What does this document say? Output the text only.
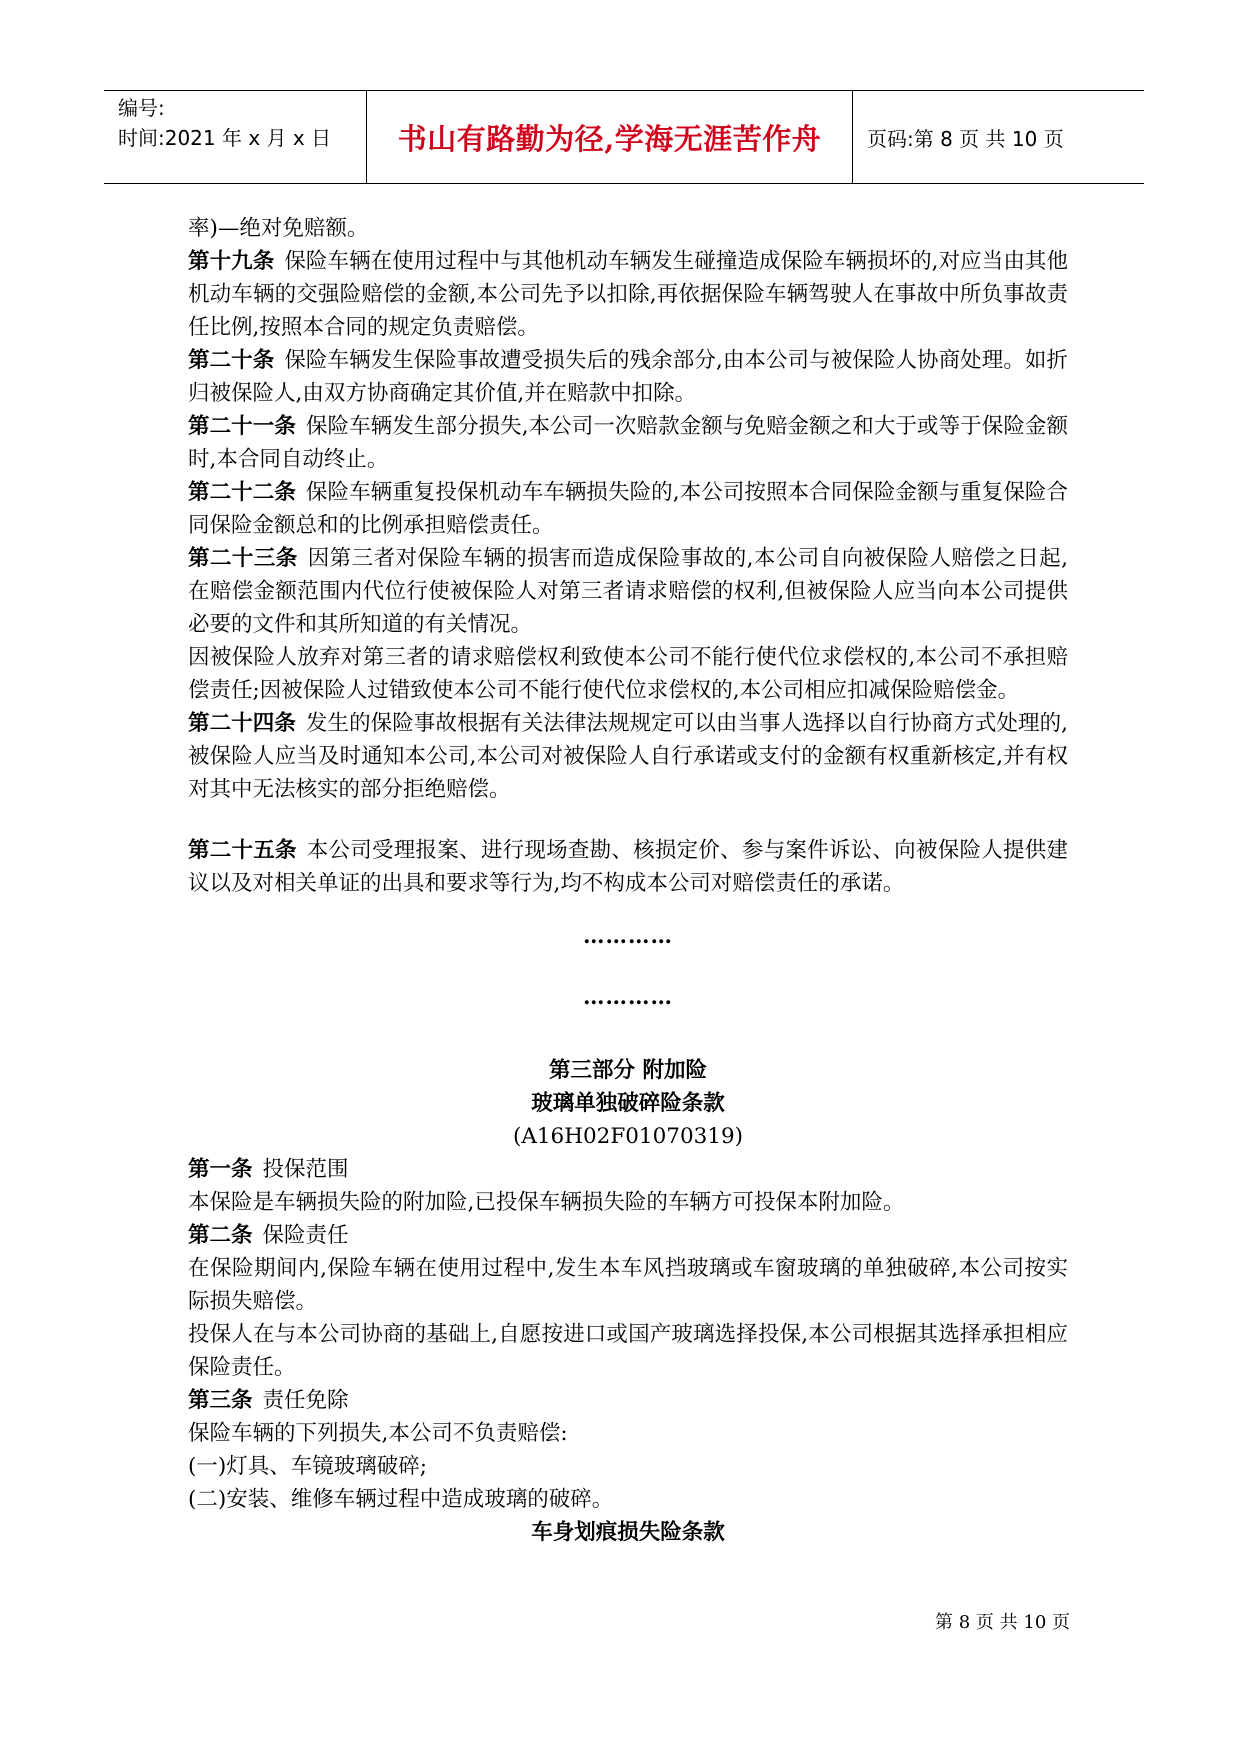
编号:
时间:2021 年 x 月 x 日	书山有路勤为径,学海无涯苦作舟 页码:第 8 页 共 10 页

率)—绝对免赔额。

第十九条 保险车辆在使用过程中与其他机动车辆发生碰撞造成保险车辆损坏的,对应当由其他机动车辆的交强险赔偿的金额,本公司先予以扣除,再依据保险车辆驾驶人在事故中所负事故责任比例,按照本合同的规定负责赔偿。

第二十条 保险车辆发生保险事故遭受损失后的残余部分,由本公司与被保险人协商处理。如折归被保险人,由双方协商确定其价值,并在赔款中扣除。

第二十一条 保险车辆发生部分损失,本公司一次赔款金额与免赔金额之和大于或等于保险金额时,本合同自动终止。

第二十二条 保险车辆重复投保机动车车辆损失险的,本公司按照本合同保险金额与重复保险合同保险金额总和的比例承担赔偿责任。

第二十三条 因第三者对保险车辆的损害而造成保险事故的,本公司自向被保险人赔偿之日起,在赔偿金额范围内代位行使被保险人对第三者请求赔偿的权利,但被保险人应当向本公司提供必要的文件和其所知道的有关情况。

因被保险人放弃对第三者的请求赔偿权利致使本公司不能行使代位求偿权的,本公司不承担赔偿责任;因被保险人过错致使本公司不能行使代位求偿权的,本公司相应扣减保险赔偿金。

第二十四条 发生的保险事故根据有关法律法规规定可以由当事人选择以自行协商方式处理的,被保险人应当及时通知本公司,本公司对被保险人自行承诺或支付的金额有权重新核定,并有权对其中无法核实的部分拒绝赔偿。

第二十五条 本公司受理报案、进行现场查勘、核损定价、参与案件诉讼、向被保险人提供建议以及对相关单证的出具和要求等行为,均不构成本公司对赔偿责任的承诺。

…………

…………

第三部分 附加险

玻璃单独破碎险条款

(A16H02F01070319)

第一条 投保范围

本保险是车辆损失险的附加险,已投保车辆损失险的车辆方可投保本附加险。

第二条 保险责任

在保险期间内,保险车辆在使用过程中,发生本车风挡玻璃或车窗玻璃的单独破碎,本公司按实际损失赔偿。

投保人在与本公司协商的基础上,自愿按进口或国产玻璃选择投保,本公司根据其选择承担相应保险责任。

第三条 责任免除

保险车辆的下列损失,本公司不负责赔偿:

(一)灯具、车镜玻璃破碎;

(二)安装、维修车辆过程中造成玻璃的破碎。

车身划痕损失险条款

第 8 页 共 10 页
